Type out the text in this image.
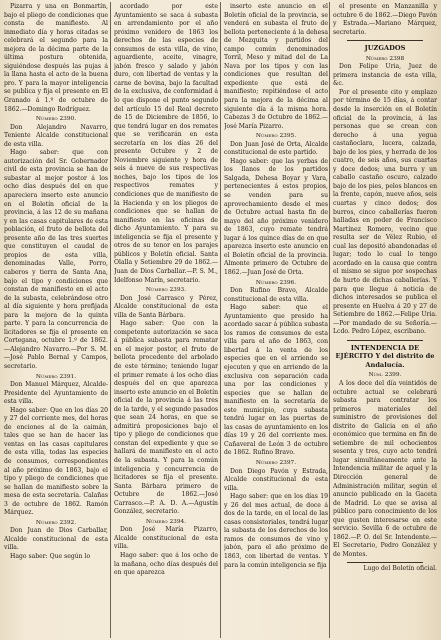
Pizarra y una en Bonmartín, bajo el pliego de condiciones que consta de manifiesto. Al inmediato día y horas citadas se celebrará el segundo para la mejora de la décima parte de la última postura obtenida, siguiéndose después las pujas á la llana hasta el acto de la buena pro. Y para la mayor inteligencia se publica y fija el presente en El Granado á 1.º de octubre de 1862.—Domingo Rodríguez.

Número 2390.

Don Alejandro Navarro, Teniente Alcalde constitucional de esta villa.

Hago saber: que con autorización del Sr. Gobernador civil de esta provincia se han de subastar al mejor postor á los ocho días después del en que apareciera inserto este anuncio en el Boletín oficial de la provincia, á las 12 de su mañana y en las casas capitulares de esta población, el fruto de bellota del presente año de las tres suertes que constituyen el caudal de propios de esta villa, denominadas Valle, Porro, caberos y tierra de Santa Ana, bajo el tipo y condiciones que constan de manifiesto en el acto de la subasta, celebrándose otro al día siguiente y hora prefijada para la mejora de la quinta parte. Y para la concurrencia de licitadores se fija el presente en Cortegana, octubre 1.º de 1862.—Alejandro Navarro.—Por S. M.—José Pablo Bernal y Campos, secretario.

Número 2391.

Don Manuel Márquez, Alcalde-Presidente del Ayuntamiento de esta villa.

Hago saber: Que en los días 20 y 27 del corriente mes, del horas de enciones al de la caimán, tales que se han de hacer las ventas en las casas capitulares de esta villa, todas las especies de consumos, correspondientes al año próximo de 1863, bajo el tipo y pliego de condiciones que se hallan de manifiesto sobre la mesa de esta secretaría. Calañas 3 de octubre de 1862. Ramón Márquez.

Número 2392.

Don Juan de Dios Carballar, Alcalde constitucional de esta villa.

Hago saber: Que según lo

acordado por este Ayuntamiento se saca á subasta en arrendamiento por el año próximo venidero de 1863 los derechos de las especies de consumos de esta villa, de vino, aguardiente, aceite, vinagre, jabón fresco y salado y jabón duro, con libertad de ventas y la carne de bovina, bajo la facultad de la exclusiva, de conformidad á lo que dispone el punto segundo del artículo 15 del Real decreto de 15 de Diciembre de 1856, lo que tendrá lugar en dos remates que se verificarán en esta secretaría en los días 26 del presente Octubre y 2 de Noviembre siguiente y hora de seis á nueve de sus respectivas noches, bajo los tipos de los respectivos remates y condiciones que de manifiesto de la Hacienda y en los pliegos de condiciones que se hallan de manifiesto en las oficinas de dicho Ayuntamiento. Y para su inteligencia se fija el presente y otros de su tenor en los parajes públicos y Boletín oficial. Santa Olalla y Setiembre 29 de 1862.—Juan de Dios Carballar.—P. S. M., Idelfonso Marín, secretario.

Número 2393.

Don José Carrasco y Pérez, Alcalde constitucional de esta villa de Santa Bárbara.

Hago saber: Que con la competente autorización se saca á pública subasta para rematar en el mejor postor, el fruto de bellota procedente del arbolado de este término; teniendo lugar el primer remate á los ocho días después del en que aparezca inserto este anuncio en el Boletín oficial de la provincia á las tres de la tarde, y el segundo pasados que sean 24 horas, en que se admitirá proposiciones bajo el tipo y pliego de condiciones que constan del expediente y que se hallará de manifiesto en el acto de la subasta. Y para la común inteligencia y concurrencia de licitadores se fija el presente. Santa Bárbara primero de Octubre de 1862.—José Carrasco.—P. A. D. A.—Agustín González, secretario.

Número 2394.

Don José María Pizarro, Alcalde constitucional de esta villa.

Hago saber: que á los ocho de la mañana, ocho días después del en que aparezca

inserto este anuncio en el Boletín oficial de la provincia, se venderá en subasta el fruto de bellota perteneciente á la dehesa de Mezquita y partidos del campo común denominados Torril, Meso y mitad del de La Nava por los tipos y con las condiciones que resultan del expediente que está de manifiesto; repitiéndose el acto para la mejora de la décima al siguiente día á la misma hora. Cabezas 3 de Octubre de 1862.—José María Pizarro.

Número 2395.

Don Juan José de Orta, Alcalde constitucional de este partido.

Hago saber: que las yerbas de los llanos de los partidos Salgada, Dehesa Boyar y Vara, pertenecientes á estos propios, se venden para su aprovechamiento desde el mes de Octubre actual hasta fin de mayo del año próximo venidero de 1863, cuyo remate tendrá lugar á los quince días de en que aparezca inserto este anuncio en el Boletín oficial de la provincia. Almonte primero de Octubre de 1862.—Juan José de Orta.

Número 2396.

Don Rufino Bravo, Alcalde constitucional de esta villa.

Hago saber: que el Ayuntamiento que presido ha acordado sacar á pública subasta los ramos de consumos de esta villa para el año de 1863, con libertad á la venta de los especies que en el arriendo se ejecuten y que en arriendo de la exclusiva con separación cada una por las condiciones y especies que se hallan de manifiesto en la secretaría de este municipio, cuya subasta tendrá lugar en las puertas de las casas de ayuntamiento en los días 19 y 26 del corriente mes. Cañaveral de León 3 de octubre de 1862. Rufino Bravo.

Número 2397.

Don Diego Pavón y Estrada, Alcalde constitucional de esta villa.

Hago saber: que en los días 19 y 26 del mes actual, de doce á dos de la tarde, en el local de las casas consistoriales, tendrá lugar la subasta de los derechos de los ramos de consumos de vino y jabón, para el año próximo de 1863, con libertad de ventas. Y para la común inteligencia se fija

el presente en Manzanilla y octubre 6 de 1862.—Diego Pavón y Estrada.—Mariano Márquez, secretario.

JUZGADOS

Número 2398

Don Felipe Uria, Juez de primera instancia de esta villa, &c.

Por el presente cito y emplazo por término de 15 días, á contar desde la inserción en el Boletín oficial de la provincia, á las personas que se crean con derecho á una yegua castañoclara, lucera, calzada, bajo de los pies, y herrada de los cuatro, de seis años, sus cuartas y doce dedos; una burra y un caballo castaño oscuro, calzado bajo de los pies, pelos blancos en la frente, capón, nueve años, seis cuartas y cinco dedos; dos burros, cinco caballerías fueron halladas en poder de Francisco Martínez Romero, vecino que resulta ser de Vélez Rubio, el cual las depositó abandonadas el lugar; todo lo cual lo tengo acordado en la causa que contra el mismo se sigue por sospechas de hurto de dichas caballerías. Y para que llegue á noticia de dichos interesados se publica el presente en Huelva á 20 y 27 de Setiembre de 1862.—Felipe Uria.—Por mandado de su Señoría.—Lcdo. Pedro López, escribano.

INTENDENCIA DE EJÉRCITO Y del distrito de Andalucía.

Núm. 2399.

A los doce del día veintidós de octubre actual se celebrará subasta para contratar los primeros materiales del suministro de provisiones del distrito de Galicia en el año económico que termina en fin de setiembre de mil ochocientos sesenta y tres, cuyo acto tendrá lugar simultáneamente ante la Intendencia militar de aquel y la Dirección general de Administración militar, según el anuncio publicado en la Gaceta de Madrid. Lo que se avisa al público para conocimiento de los que gusten interesarse en este servicio. Sevilla 6 de octubre de 1862.—P. O. del Sr. Intendente.—El Secretario, Pedro González y de Montes.

Lugo del Boletín oficial.
